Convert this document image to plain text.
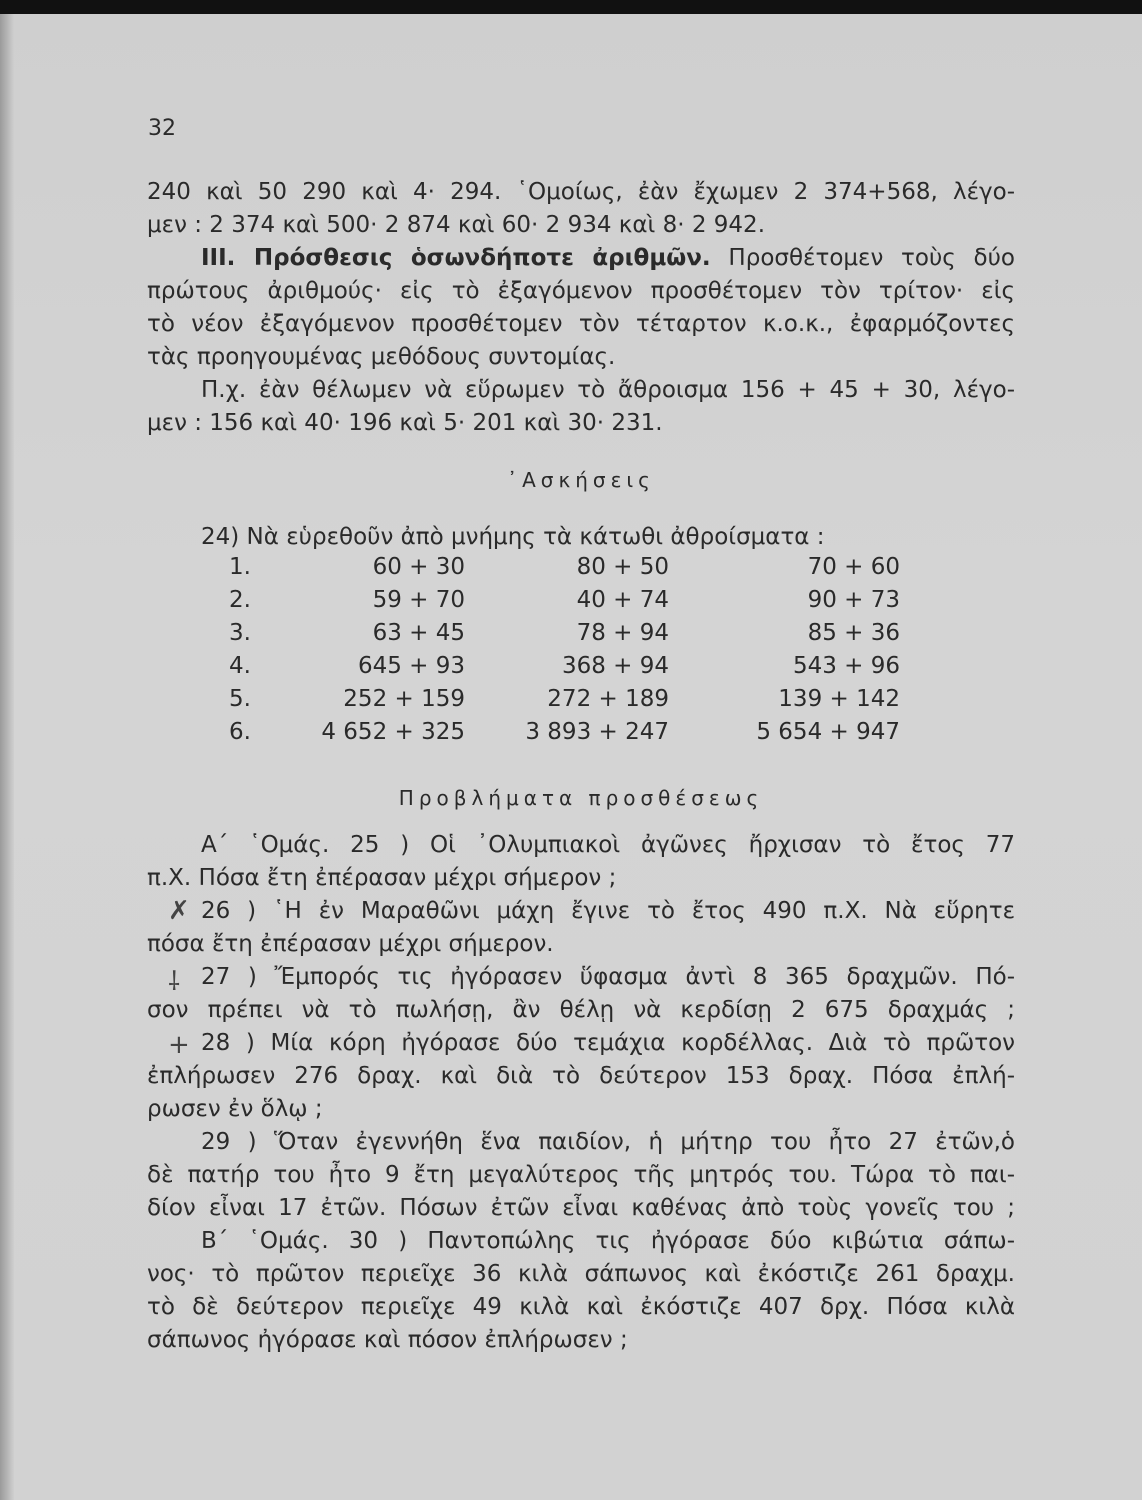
32

240 καὶ 50 290 καὶ 4· 294. ῾Ομοίως, ἐὰν ἔχωμεν 2 374+568, λέγο-

μεν : 2 374 καὶ 500· 2 874 καὶ 60· 2 934 καὶ 8· 2 942.

III. Πρόσθεσις ὁσωνδήποτε ἀριθμῶν. Προσθέτομεν τοὺς δύο

πρώτους ἀριθμούς· εἰς τὸ ἐξαγόμενον προσθέτομεν τὸν τρίτον· εἰς

τὸ νέον ἐξαγόμενον προσθέτομεν τὸν τέταρτον κ.ο.κ., ἐφαρμόζοντες

τὰς προηγουμένας μεθόδους συντομίας.

Π.χ. ἐὰν θέλωμεν νὰ εὕρωμεν τὸ ἄθροισμα 156 + 45 + 30, λέγο-

μεν : 156 καὶ 40· 196 καὶ 5· 201 καὶ 30· 231.

᾿Ασκήσεις

24) Νὰ εὑρεθοῦν ἀπὸ μνήμης τὰ κάτωθι ἀθροίσματα :

1.	60 + 30	80 + 50	70 + 60
2.	59 + 70	40 + 74	90 + 73
3.	63 + 45	78 + 94	85 + 36
4.	645 + 93	368 + 94	543 + 96
5.	252 + 159	272 + 189	139 + 142
6.	4 652 + 325	3 893 + 247	5 654 + 947

Προβλήματα προσθέσεως

Α΄ ῾Ομάς. 25 ) Οἱ ᾿Ολυμπιακοὶ ἀγῶνες ἤρχισαν τὸ ἔτος 77

π.Χ. Πόσα ἔτη ἐπέρασαν μέχρι σήμερον ;

26 ) ῾Η ἐν Μαραθῶνι μάχη ἔγινε τὸ ἔτος 490 π.Χ. Νὰ εὕρητε

πόσα ἔτη ἐπέρασαν μέχρι σήμερον.

27 ) Ἔμπορός τις ἠγόρασεν ὕφασμα ἀντὶ 8 365 δραχμῶν. Πό-

σον πρέπει νὰ τὸ πωλήσῃ, ἂν θέλῃ νὰ κερδίσῃ 2 675 δραχμάς ;

28 ) Μία κόρη ἠγόρασε δύο τεμάχια κορδέλλας. Διὰ τὸ πρῶτον

ἐπλήρωσεν 276 δραχ. καὶ διὰ τὸ δεύτερον 153 δραχ. Πόσα ἐπλή-

ρωσεν ἐν ὅλῳ ;

29 ) Ὅταν ἐγεννήθη ἕνα παιδίον, ἡ μήτηρ του ἦτο 27 ἐτῶν,ὁ

δὲ πατήρ του ἦτο 9 ἔτη μεγαλύτερος τῆς μητρός του. Τώρα τὸ παι-

δίον εἶναι 17 ἐτῶν. Πόσων ἐτῶν εἶναι καθένας ἀπὸ τοὺς γονεῖς του ;

Β΄ ῾Ομάς. 30 ) Παντοπώλης τις ἠγόρασε δύο κιβώτια σάπω-

νος· τὸ πρῶτον περιεῖχε 36 κιλὰ σάπωνος καὶ ἐκόστιζε 261 δραχμ.

τὸ δὲ δεύτερον περιεῖχε 49 κιλὰ καὶ ἐκόστιζε 407 δρχ. Πόσα κιλὰ

σάπωνος ἠγόρασε καὶ πόσον ἐπλήρωσεν ;

✗
⸸
+
